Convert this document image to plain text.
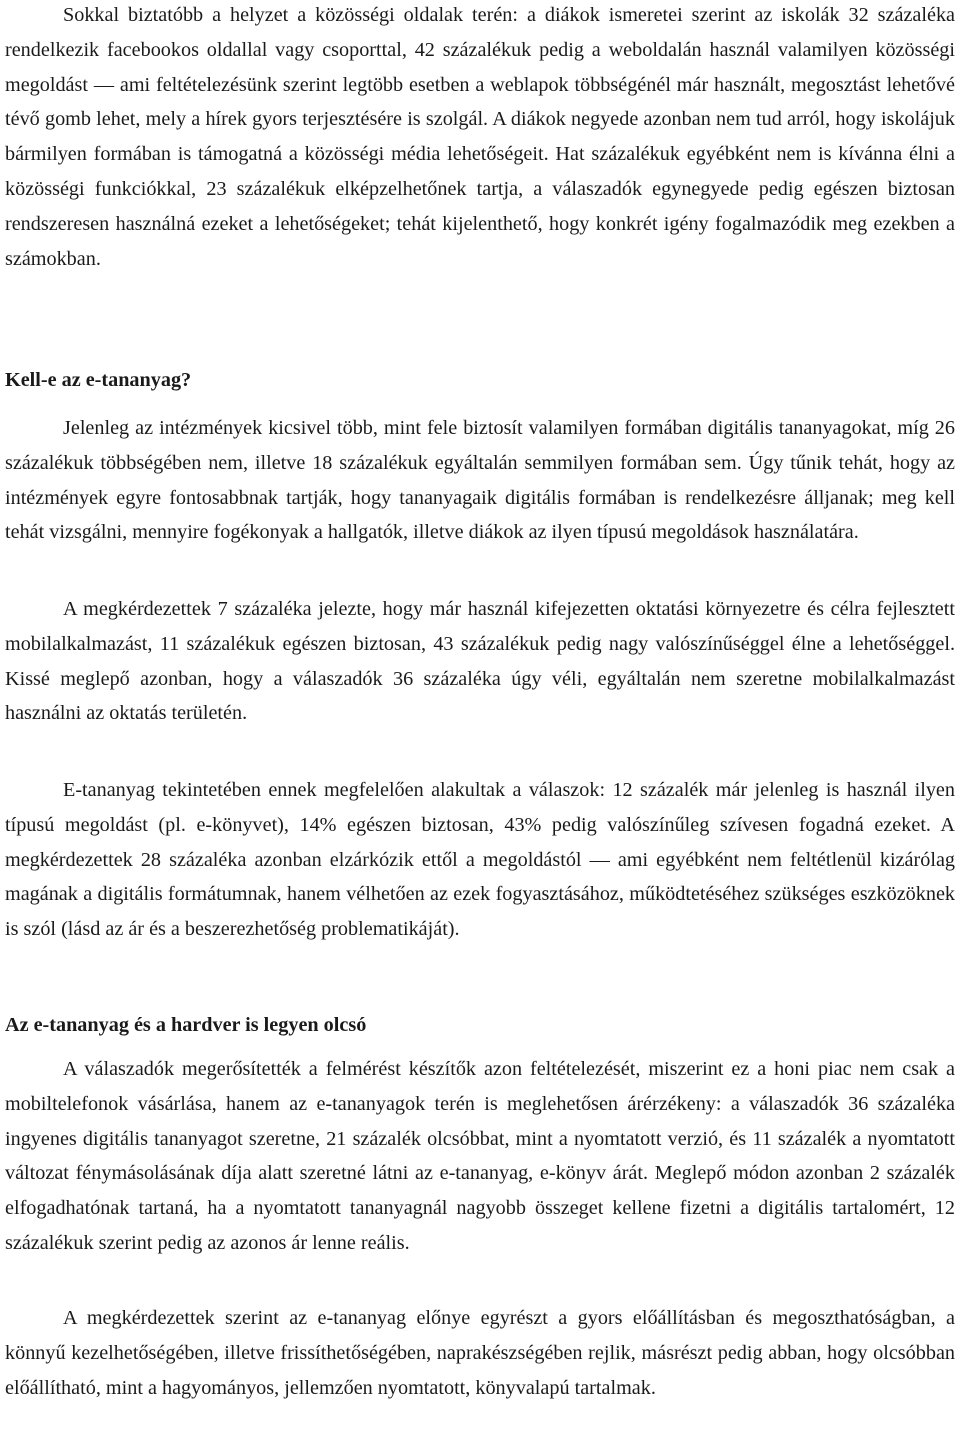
Sokkal biztatóbb a helyzet a közösségi oldalak terén: a diákok ismeretei szerint az iskolák 32 százaléka rendelkezik facebookos oldallal vagy csoporttal, 42 százalékuk pedig a weboldalán használ valamilyen közösségi megoldást ― ami feltételezésünk szerint legtöbb esetben a weblapok többségénél már használt, megosztást lehetővé tévő gomb lehet, mely a hírek gyors terjesztésére is szolgál. A diákok negyede azonban nem tud arról, hogy iskolájuk bármilyen formában is támogatná a közösségi média lehetőségeit. Hat százalékuk egyébként nem is kívánna élni a közösségi funkciókkal, 23 százalékuk elképzelhetőnek tartja, a válaszadók egynegyede pedig egészen biztosan rendszeresen használná ezeket a lehetőségeket; tehát kijelenthető, hogy konkrét igény fogalmazódik meg ezekben a számokban.

Kell-e az e-tananyag?

Jelenleg az intézmények kicsivel több, mint fele biztosít valamilyen formában digitális tananyagokat, míg 26 százalékuk többségében nem, illetve 18 százalékuk egyáltalán semmilyen formában sem. Úgy tűnik tehát, hogy az intézmények egyre fontosabbnak tartják, hogy tananyagaik digitális formában is rendelkezésre álljanak; meg kell tehát vizsgálni, mennyire fogékonyak a hallgatók, illetve diákok az ilyen típusú megoldások használatára.

A megkérdezettek 7 százaléka jelezte, hogy már használ kifejezetten oktatási környezetre és célra fejlesztett mobilalkalmazást, 11 százalékuk egészen biztosan, 43 százalékuk pedig nagy valószínűséggel élne a lehetőséggel. Kissé meglepő azonban, hogy a válaszadók 36 százaléka úgy véli, egyáltalán nem szeretne mobilalkalmazást használni az oktatás területén.

E-tananyag tekintetében ennek megfelelően alakultak a válaszok: 12 százalék már jelenleg is használ ilyen típusú megoldást (pl. e-könyvet), 14% egészen biztosan, 43% pedig valószínűleg szívesen fogadná ezeket. A megkérdezettek 28 százaléka azonban elzárkózik ettől a megoldástól ― ami egyébként nem feltétlenül kizárólag magának a digitális formátumnak, hanem vélhetően az ezek fogyasztásához, működtetéséhez szükséges eszközöknek is szól (lásd az ár és a beszerezhetőség problematikáját).

Az e-tananyag és a hardver is legyen olcsó

A válaszadók megerősítették a felmérést készítők azon feltételezését, miszerint ez a honi piac nem csak a mobiltelefonok vásárlása, hanem az e-tananyagok terén is meglehetősen árérzékeny: a válaszadók 36 százaléka ingyenes digitális tananyagot szeretne, 21 százalék olcsóbbat, mint a nyomtatott verzió, és 11 százalék a nyomtatott változat fénymásolásának díja alatt szeretné látni az e-tananyag, e-könyv árát. Meglepő módon azonban 2 százalék elfogadhatónak tartaná, ha a nyomtatott tananyagnál nagyobb összeget kellene fizetni a digitális tartalomért, 12 százalékuk szerint pedig az azonos ár lenne reális.

A megkérdezettek szerint az e-tananyag előnye egyrészt a gyors előállításban és megoszthatóságban, a könnyű kezelhetőségében, illetve frissíthetőségében, naprakészségében rejlik, másrészt pedig abban, hogy olcsóbban előállítható, mint a hagyományos, jellemzően nyomtatott, könyvalapú tartalmak.
